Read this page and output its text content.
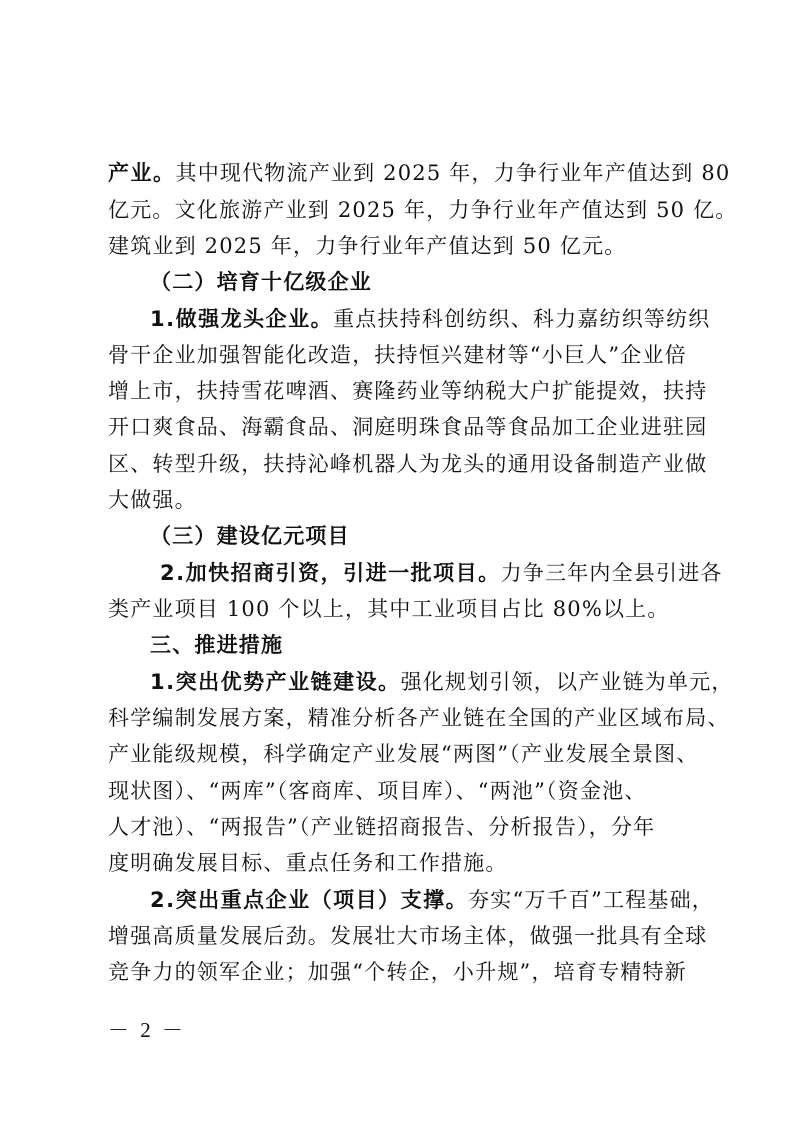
产业。其中现代物流产业到 2025 年，力争行业年产值达到 80
亿元。文化旅游产业到 2025 年，力争行业年产值达到 50 亿。
建筑业到 2025 年，力争行业年产值达到 50 亿元。
（二）培育十亿级企业
1.做强龙头企业。重点扶持科创纺织、科力嘉纺织等纺织
骨干企业加强智能化改造，扶持恒兴建材等“小巨人”企业倍
增上市，扶持雪花啤酒、赛隆药业等纳税大户扩能提效，扶持
开口爽食品、海霸食品、洞庭明珠食品等食品加工企业进驻园
区、转型升级，扶持沁峰机器人为龙头的通用设备制造产业做
大做强。
（三）建设亿元项目
2.加快招商引资，引进一批项目。力争三年内全县引进各
类产业项目 100 个以上，其中工业项目占比 80%以上。
三、推进措施
1.突出优势产业链建设。强化规划引领，以产业链为单元，
科学编制发展方案，精准分析各产业链在全国的产业区域布局、
产业能级规模，科学确定产业发展“两图”（产业发展全景图、
现状图）、“两库”（客商库、项目库）、“两池”（资金池、
人才池）、“两报告”（产业链招商报告、分析报告），分年
度明确发展目标、重点任务和工作措施。
2.突出重点企业（项目）支撑。夯实“万千百”工程基础，
增强高质量发展后劲。发展壮大市场主体，做强一批具有全球
竞争力的领军企业；加强“个转企，小升规”，培育专精特新
－ 2 －
